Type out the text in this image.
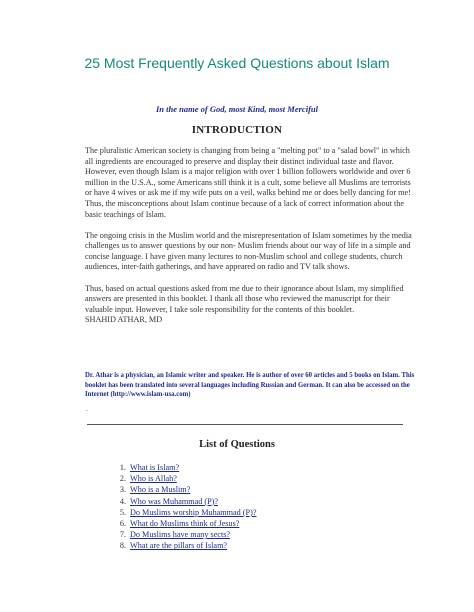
25 Most Frequently Asked Questions about Islam
In the name of God, most Kind, most Merciful
INTRODUCTION

The pluralistic American society is changing from being a "melting pot" to a "salad bowl" in which all ingredients are encouraged to preserve and display their distinct individual taste and flavor. However, even though Islam is a major religion with over 1 billion followers worldwide and over 6 million in the U.S.A., some Americans still think it is a cult, some believe all Muslims are terrorists or have 4 wives or ask me if my wife puts on a veil, walks behind me or does belly dancing for me! Thus, the misconceptions about Islam continue because of a lack of correct information about the basic teachings of Islam.

The ongoing crisis in the Muslim world and the misrepresentation of Islam sometimes by the media challenges us to answer questions by our non- Muslim friends about our way of life in a simple and concise language. I have given many lectures to non-Muslim school and college students, church audiences, inter-faith gatherings, and have appeared on radio and TV talk shows.

Thus, based on actual questions asked from me due to their ignorance about Islam, my simplified answers are presented in this booklet. I thank all those who reviewed the manuscript for their valuable input. However, I take sole responsibility for the contents of this booklet.
SHAHID ATHAR, MD

Dr. Athar is a physician, an Islamic writer and speaker. He is author of over 60 articles and 5 books on Islam. This booklet has been translated into several languages including Russian and German. It can also be accessed on the Internet (http://www.islam-usa.com)
.
List of Questions
1. What is Islam?
2. Who is Allah?
3. Who is a Muslim?
4. Who was Muhammad (P)?
5. Do Muslims worship Muhammad (P)?
6. What do Muslims think of Jesus?
7. Do Muslims have many sects?
8. What are the pillars of Islam?
